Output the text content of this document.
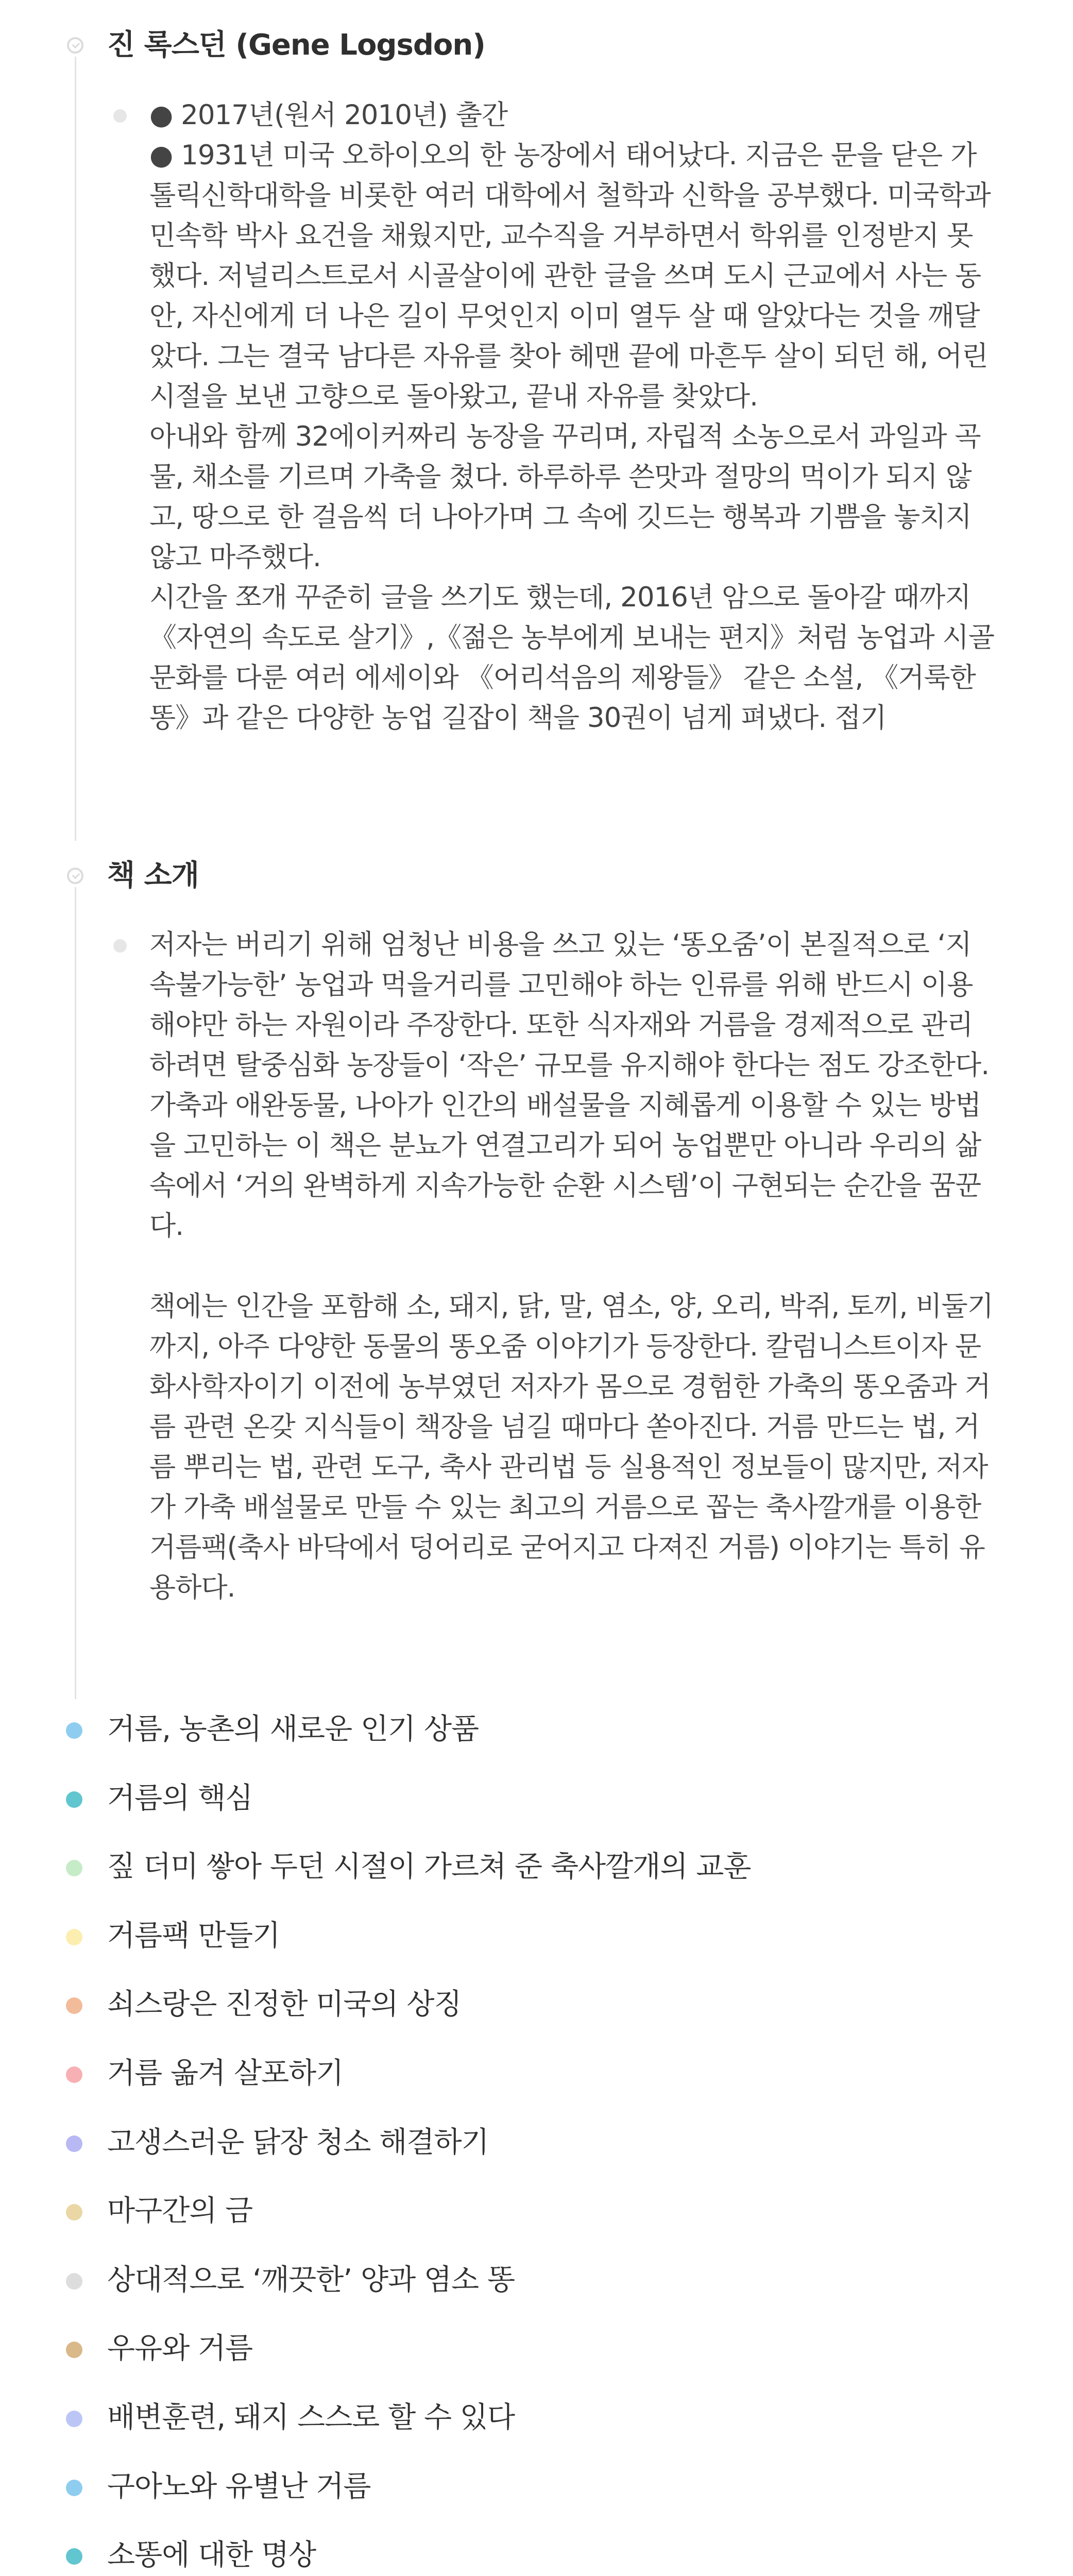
진 록스던 (Gene Logsdon)

● 2017년(원서 2010년) 출간

● 1931년 미국 오하이오의 한 농장에서 태어났다. 지금은 문을 닫은 가톨릭신학대학을 비롯한 여러 대학에서 철학과 신학을 공부했다. 미국학과 민속학 박사 요건을 채웠지만, 교수직을 거부하면서 학위를 인정받지 못했다. 저널리스트로서 시골살이에 관한 글을 쓰며 도시 근교에서 사는 동안, 자신에게 더 나은 길이 무엇인지 이미 열두 살 때 알았다는 것을 깨달았다. 그는 결국 남다른 자유를 찾아 헤맨 끝에 마흔두 살이 되던 해, 어린 시절을 보낸 고향으로 돌아왔고, 끝내 자유를 찾았다.

아내와 함께 32에이커짜리 농장을 꾸리며, 자립적 소농으로서 과일과 곡물, 채소를 기르며 가축을 쳤다. 하루하루 쓴맛과 절망의 먹이가 되지 않고, 땅으로 한 걸음씩 더 나아가며 그 속에 깃드는 행복과 기쁨을 놓치지 않고 마주했다.

시간을 쪼개 꾸준히 글을 쓰기도 했는데, 2016년 암으로 돌아갈 때까지 《자연의 속도로 살기》,《젊은 농부에게 보내는 편지》처럼 농업과 시골 문화를 다룬 여러 에세이와 《어리석음의 제왕들》 같은 소설, 《거룩한 똥》과 같은 다양한 농업 길잡이 책을 30권이 넘게 펴냈다. 접기

책 소개

저자는 버리기 위해 엄청난 비용을 쓰고 있는 ‘똥오줌’이 본질적으로 ‘지속불가능한’ 농업과 먹을거리를 고민해야 하는 인류를 위해 반드시 이용해야만 하는 자원이라 주장한다. 또한 식자재와 거름을 경제적으로 관리하려면 탈중심화 농장들이 ‘작은’ 규모를 유지해야 한다는 점도 강조한다. 가축과 애완동물, 나아가 인간의 배설물을 지혜롭게 이용할 수 있는 방법을 고민하는 이 책은 분뇨가 연결고리가 되어 농업뿐만 아니라 우리의 삶 속에서 ‘거의 완벽하게 지속가능한 순환 시스템’이 구현되는 순간을 꿈꾼다.

책에는 인간을 포함해 소, 돼지, 닭, 말, 염소, 양, 오리, 박쥐, 토끼, 비둘기까지, 아주 다양한 동물의 똥오줌 이야기가 등장한다. 칼럼니스트이자 문화사학자이기 이전에 농부였던 저자가 몸으로 경험한 가축의 똥오줌과 거름 관련 온갖 지식들이 책장을 넘길 때마다 쏟아진다. 거름 만드는 법, 거름 뿌리는 법, 관련 도구, 축사 관리법 등 실용적인 정보들이 많지만, 저자가 가축 배설물로 만들 수 있는 최고의 거름으로 꼽는 축사깔개를 이용한 거름팩(축사 바닥에서 덩어리로 굳어지고 다져진 거름) 이야기는 특히 유용하다.

거름, 농촌의 새로운 인기 상품
거름의 핵심
짚 더미 쌓아 두던 시절이 가르쳐 준 축사깔개의 교훈
거름팩 만들기
쇠스랑은 진정한 미국의 상징
거름 옮겨 살포하기
고생스러운 닭장 청소 해결하기
마구간의 금
상대적으로 ‘깨끗한’ 양과 염소 똥
우유와 거름
배변훈련, 돼지 스스로 할 수 있다
구아노와 유별난 거름
소똥에 대한 명상
